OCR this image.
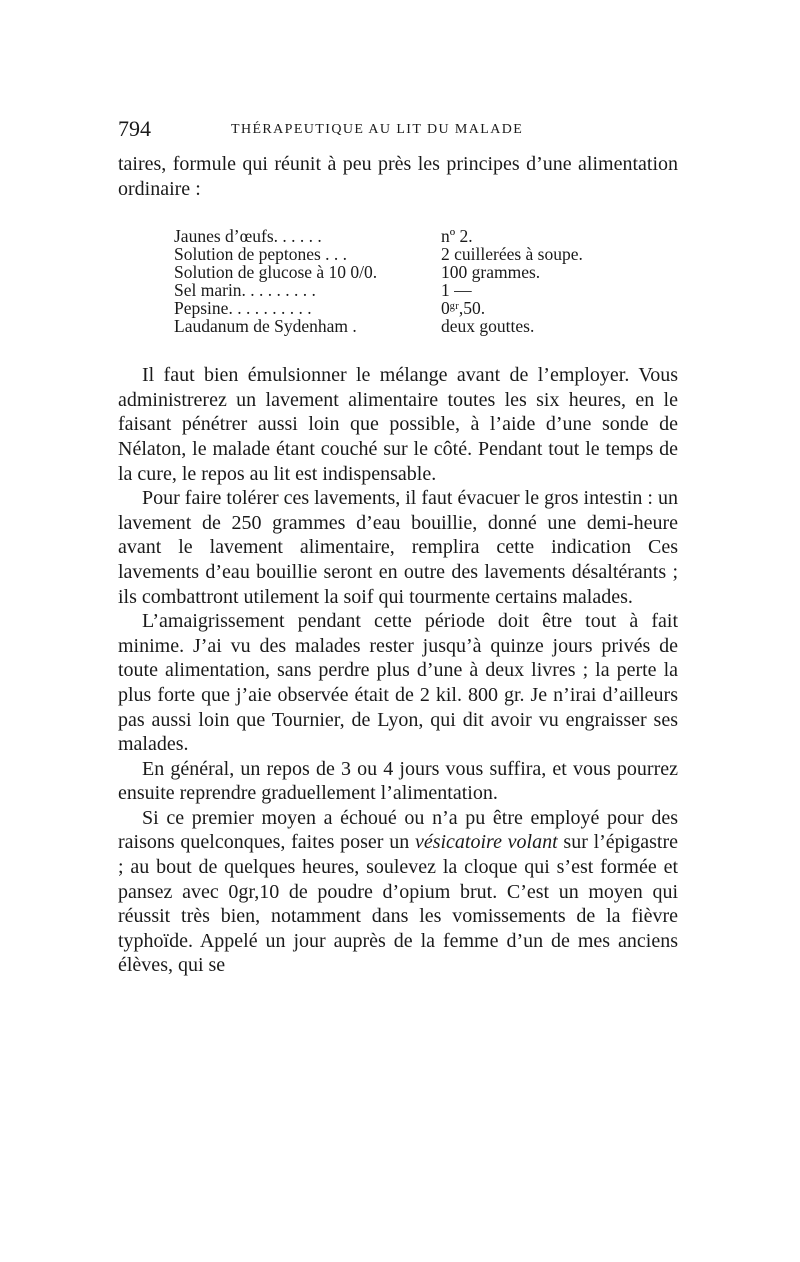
794	THÉRAPEUTIQUE AU LIT DU MALADE

taires, formule qui réunit à peu près les principes d’une alimentation ordinaire :

Jaunes d’œufs. . . . . .	nº 2.
Solution de peptones . . .	2 cuillerées à soupe.
Solution de glucose à 10 0/0.	100 grammes.
Sel marin. . . . . . . . .	1 —
Pepsine. . . . . . . . . .	0ᵍʳ,50.
Laudanum de Sydenham .	deux gouttes.

Il faut bien émulsionner le mélange avant de l’employer. Vous administrerez un lavement alimentaire toutes les six heures, en le faisant pénétrer aussi loin que possible, à l’aide d’une sonde de Nélaton, le malade étant couché sur le côté. Pendant tout le temps de la cure, le repos au lit est indispensable.

Pour faire tolérer ces lavements, il faut évacuer le gros intestin : un lavement de 250 grammes d’eau bouillie, donné une demi-heure avant le lavement alimentaire, remplira cette indication Ces lavements d’eau bouillie seront en outre des lavements désaltérants ; ils combattront utilement la soif qui tourmente certains malades.

L’amaigrissement pendant cette période doit être tout à fait minime. J’ai vu des malades rester jusqu’à quinze jours privés de toute alimentation, sans perdre plus d’une à deux livres ; la perte la plus forte que j’aie observée était de 2 kil. 800 gr. Je n’irai d’ailleurs pas aussi loin que Tournier, de Lyon, qui dit avoir vu engraisser ses malades.

En général, un repos de 3 ou 4 jours vous suffira, et vous pourrez ensuite reprendre graduellement l’alimentation.

Si ce premier moyen a échoué ou n’a pu être employé pour des raisons quelconques, faites poser un vésicatoire volant sur l’épigastre ; au bout de quelques heures, soulevez la cloque qui s’est formée et pansez avec 0gr,10 de poudre d’opium brut. C’est un moyen qui réussit très bien, notamment dans les vomissements de la fièvre typhoïde. Appelé un jour auprès de la femme d’un de mes anciens élèves, qui se
